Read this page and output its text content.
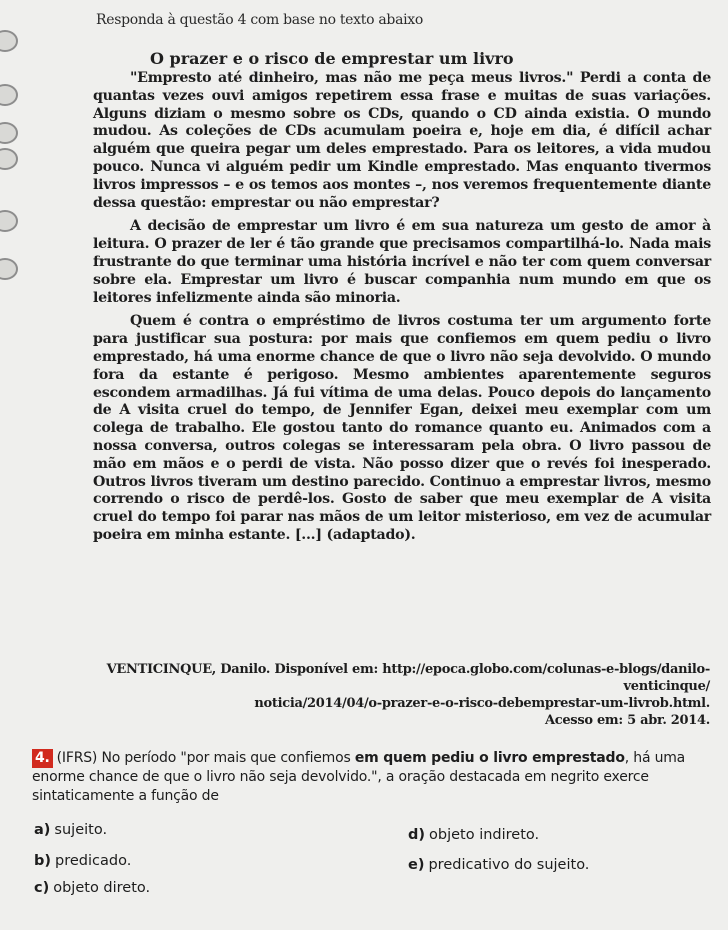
Responda à questão 4 com base no texto abaixo
O prazer e o risco de emprestar um livro

"Empresto até dinheiro, mas não me peça meus livros." Perdi a conta de quantas vezes ouvi amigos repetirem essa frase e muitas de suas variações. Alguns diziam o mesmo sobre os CDs, quando o CD ainda existia. O mundo mudou. As coleções de CDs acumulam poeira e, hoje em dia, é difícil achar alguém que queira pegar um deles emprestado. Para os leitores, a vida mudou pouco. Nunca vi alguém pedir um Kindle emprestado. Mas enquanto tivermos livros impressos – e os temos aos montes –, nos veremos frequentemente diante dessa questão: emprestar ou não emprestar?

A decisão de emprestar um livro é em sua natureza um gesto de amor à leitura. O prazer de ler é tão grande que precisamos compartilhá-lo. Nada mais frustrante do que terminar uma história incrível e não ter com quem conversar sobre ela. Emprestar um livro é buscar companhia num mundo em que os leitores infelizmente ainda são minoria.

Quem é contra o empréstimo de livros costuma ter um argumento forte para justificar sua postura: por mais que confiemos em quem pediu o livro emprestado, há uma enorme chance de que o livro não seja devolvido. O mundo fora da estante é perigoso. Mesmo ambientes aparentemente seguros escondem armadilhas. Já fui vítima de uma delas. Pouco depois do lançamento de A visita cruel do tempo, de Jennifer Egan, deixei meu exemplar com um colega de trabalho. Ele gostou tanto do romance quanto eu. Animados com a nossa conversa, outros colegas se interessaram pela obra. O livro passou de mão em mãos e o perdi de vista. Não posso dizer que o revés foi inesperado. Outros livros tiveram um destino parecido. Continuo a emprestar livros, mesmo correndo o risco de perdê-los. Gosto de saber que meu exemplar de A visita cruel do tempo foi parar nas mãos de um leitor misterioso, em vez de acumular poeira em minha estante. [...] (adaptado).

VENTICINQUE, Danilo. Disponível em: http://epoca.globo.com/colunas-e-blogs/danilo-venticinque/
noticia/2014/04/o-prazer-e-o-risco-debemprestar-um-livrob.html.
Acesso em: 5 abr. 2014.
4. (IFRS) No período "por mais que confiemos em quem pediu o livro emprestado, há uma enorme chance de que o livro não seja devolvido.", a oração destacada em negrito exerce sintaticamente a função de
a) sujeito.
b) predicado.
c) objeto direto.
d) objeto indireto.
e) predicativo do sujeito.
